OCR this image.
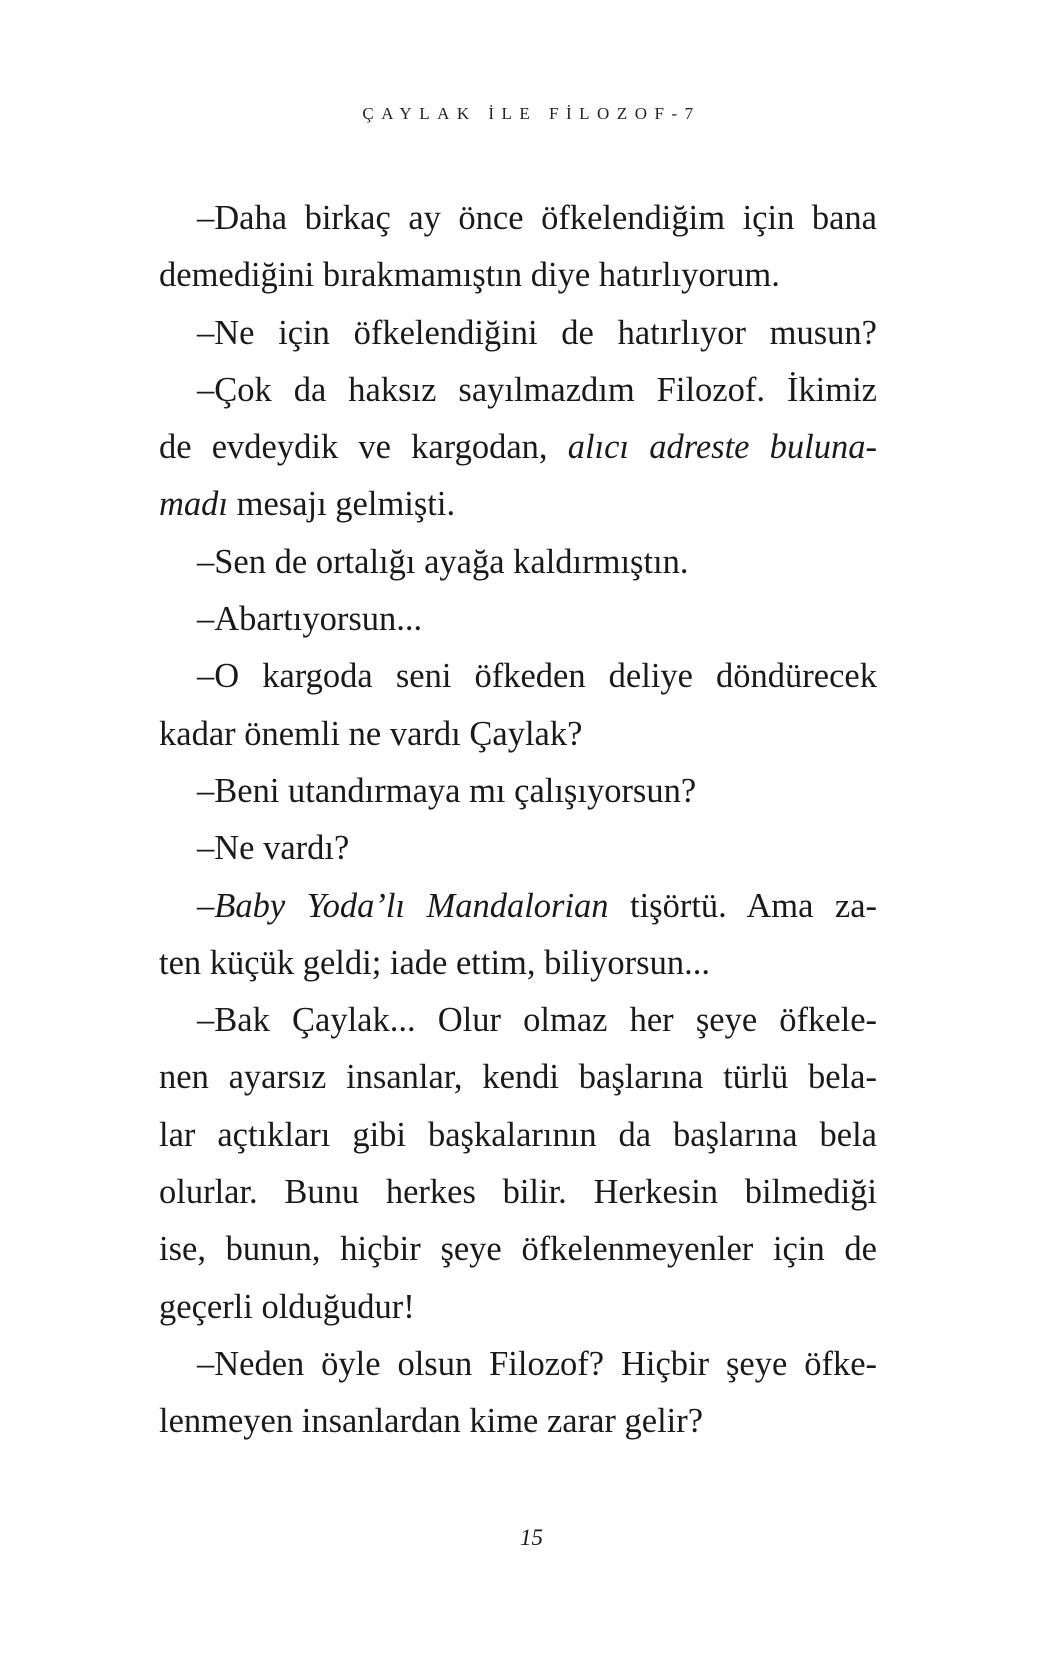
ÇAYLAK İLE FİLOZOF-7
–Daha birkaç ay önce öfkelendiğim için bana
demediğini bırakmamıştın diye hatırlıyorum.
–Ne için öfkelendiğini de hatırlıyor musun?
–Çok da haksız sayılmazdım Filozof. İkimiz
de evdeydik ve kargodan, alıcı adreste buluna-
madı mesajı gelmişti.
–Sen de ortalığı ayağa kaldırmıştın.
–Abartıyorsun...
–O kargoda seni öfkeden deliye döndürecek
kadar önemli ne vardı Çaylak?
–Beni utandırmaya mı çalışıyorsun?
–Ne vardı?
–Baby Yoda’lı Mandalorian tişörtü. Ama za-
ten küçük geldi; iade ettim, biliyorsun...
–Bak Çaylak... Olur olmaz her şeye öfkele-
nen ayarsız insanlar, kendi başlarına türlü bela-
lar açtıkları gibi başkalarının da başlarına bela
olurlar. Bunu herkes bilir. Herkesin bilmediği
ise, bunun, hiçbir şeye öfkelenmeyenler için de
geçerli olduğudur!
–Neden öyle olsun Filozof? Hiçbir şeye öfke-
lenmeyen insanlardan kime zarar gelir?
15
